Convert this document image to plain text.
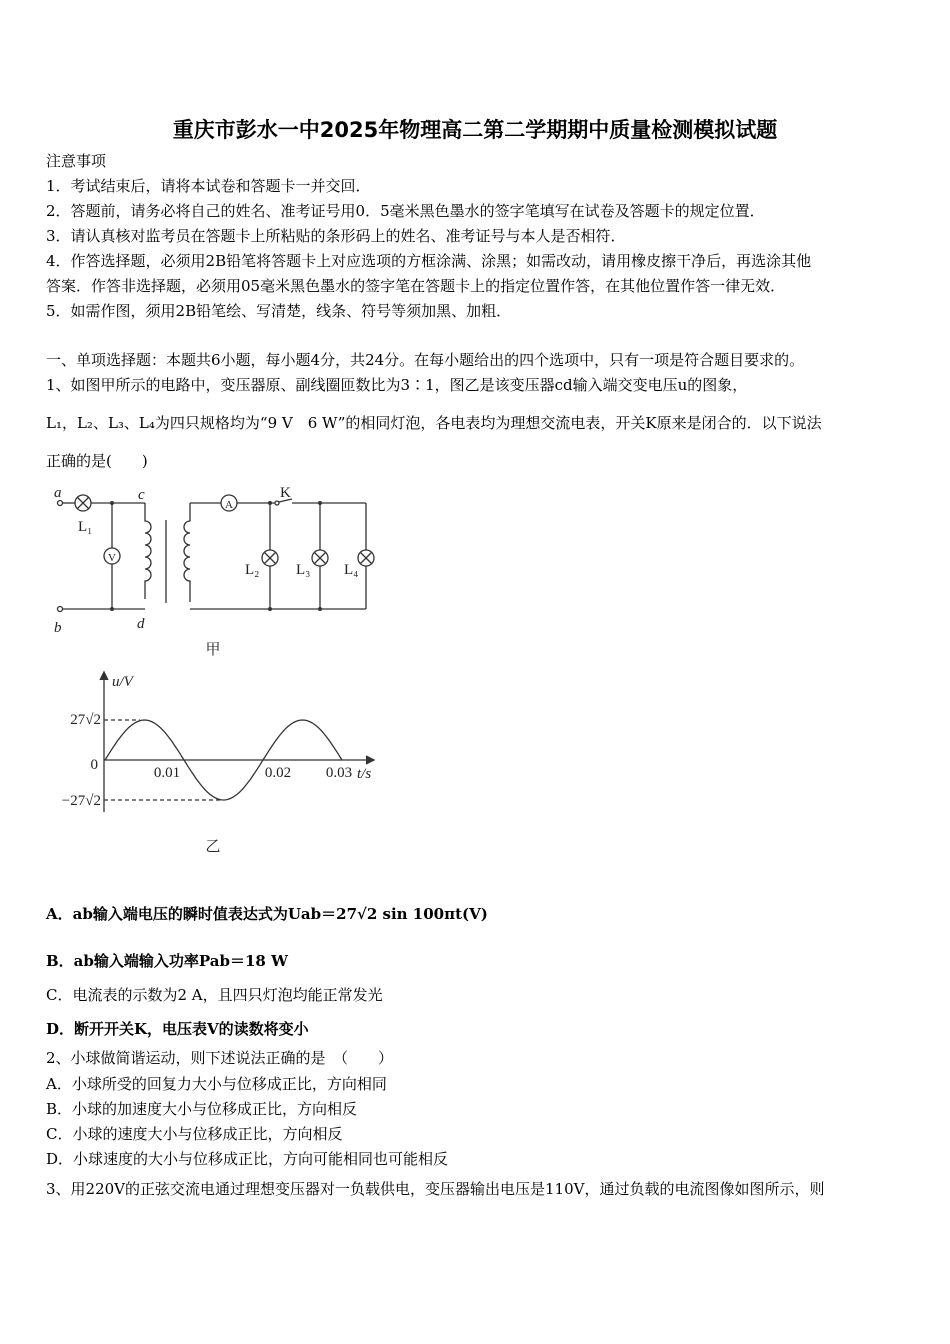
重庆市彭水一中2025年物理高二第二学期期中质量检测模拟试题
注意事项
1．考试结束后，请将本试卷和答题卡一并交回．
2．答题前，请务必将自己的姓名、准考证号用0．5毫米黑色墨水的签字笔填写在试卷及答题卡的规定位置．
3．请认真核对监考员在答题卡上所粘贴的条形码上的姓名、准考证号与本人是否相符．
4．作答选择题，必须用2B铅笔将答题卡上对应选项的方框涂满、涂黑；如需改动，请用橡皮擦干净后，再选涂其他
答案．作答非选择题，必须用05毫米黑色墨水的签字笔在答题卡上的指定位置作答，在其他位置作答一律无效．
5．如需作图，须用2B铅笔绘、写清楚，线条、符号等须加黑、加粗．
一、单项选择题：本题共6小题，每小题4分，共24分。在每小题给出的四个选项中，只有一项是符合题目要求的。
1、如图甲所示的电路中，变压器原、副线圈匝数比为3∶1，图乙是该变压器cd输入端交变电压u的图象，
L₁，L₂、L₃、L₄为四只规格均为“9 V　6 W”的相同灯泡，各电表均为理想交流电表，开关K原来是闭合的．以下说法
正确的是(　　)
a
b
c
d
K
L₁
L₂ L₃ L₄
V
A
甲
u/V
27√2
0
−27√2
0.01	0.02 0.03 t/s
乙
A．ab输入端电压的瞬时值表达式为Uab＝27√2 sin 100πt(V)
B．ab输入端输入功率Pab＝18 W
C．电流表的示数为2 A，且四只灯泡均能正常发光
D．断开开关K，电压表V的读数将变小
2、小球做简谐运动，则下述说法正确的是　（　　）
A．小球所受的回复力大小与位移成正比，方向相同
B．小球的加速度大小与位移成正比，方向相反
C．小球的速度大小与位移成正比，方向相反
D．小球速度的大小与位移成正比，方向可能相同也可能相反
3、用220V的正弦交流电通过理想变压器对一负载供电，变压器输出电压是110V，通过负载的电流图像如图所示，则
